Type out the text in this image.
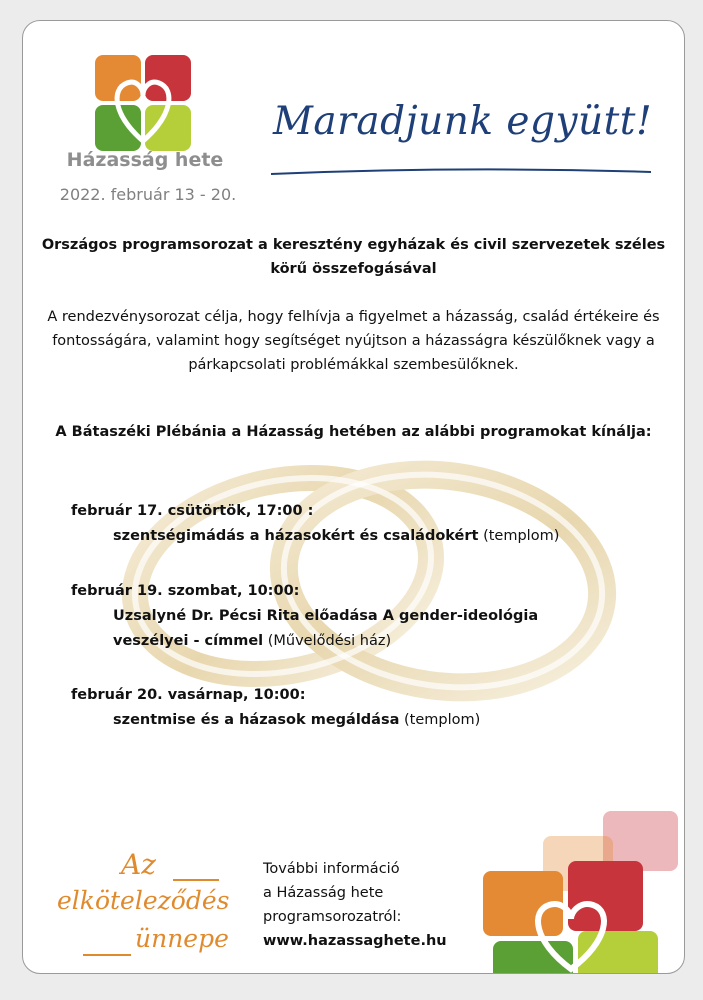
Házasság hete
2022. február 13 - 20.
Maradjunk együtt!
Országos programsorozat a keresztény egyházak és civil szervezetek széles körű összefogásával
A rendezvénysorozat célja, hogy felhívja a figyelmet a házasság, család értékeire és fontosságára, valamint hogy segítséget nyújtson a házasságra készülőknek vagy a párkapcsolati problémákkal szembesülőknek.
A Bátaszéki Plébánia a Házasság hetében az alábbi programokat kínálja:
február 17. csütörtök, 17:00 :
szentségimádás a házasokért és családokért (templom)
február 19. szombat, 10:00:
Uzsalyné Dr. Pécsi Rita előadása A gender-ideológia veszélyei - címmel (Művelődési ház)
február 20. vasárnap, 10:00:
szentmise és a házasok megáldása (templom)
Az
elköteleződés
ünnepe
További információ
a Házasság hete
programsorozatról:
www.hazassaghete.hu
